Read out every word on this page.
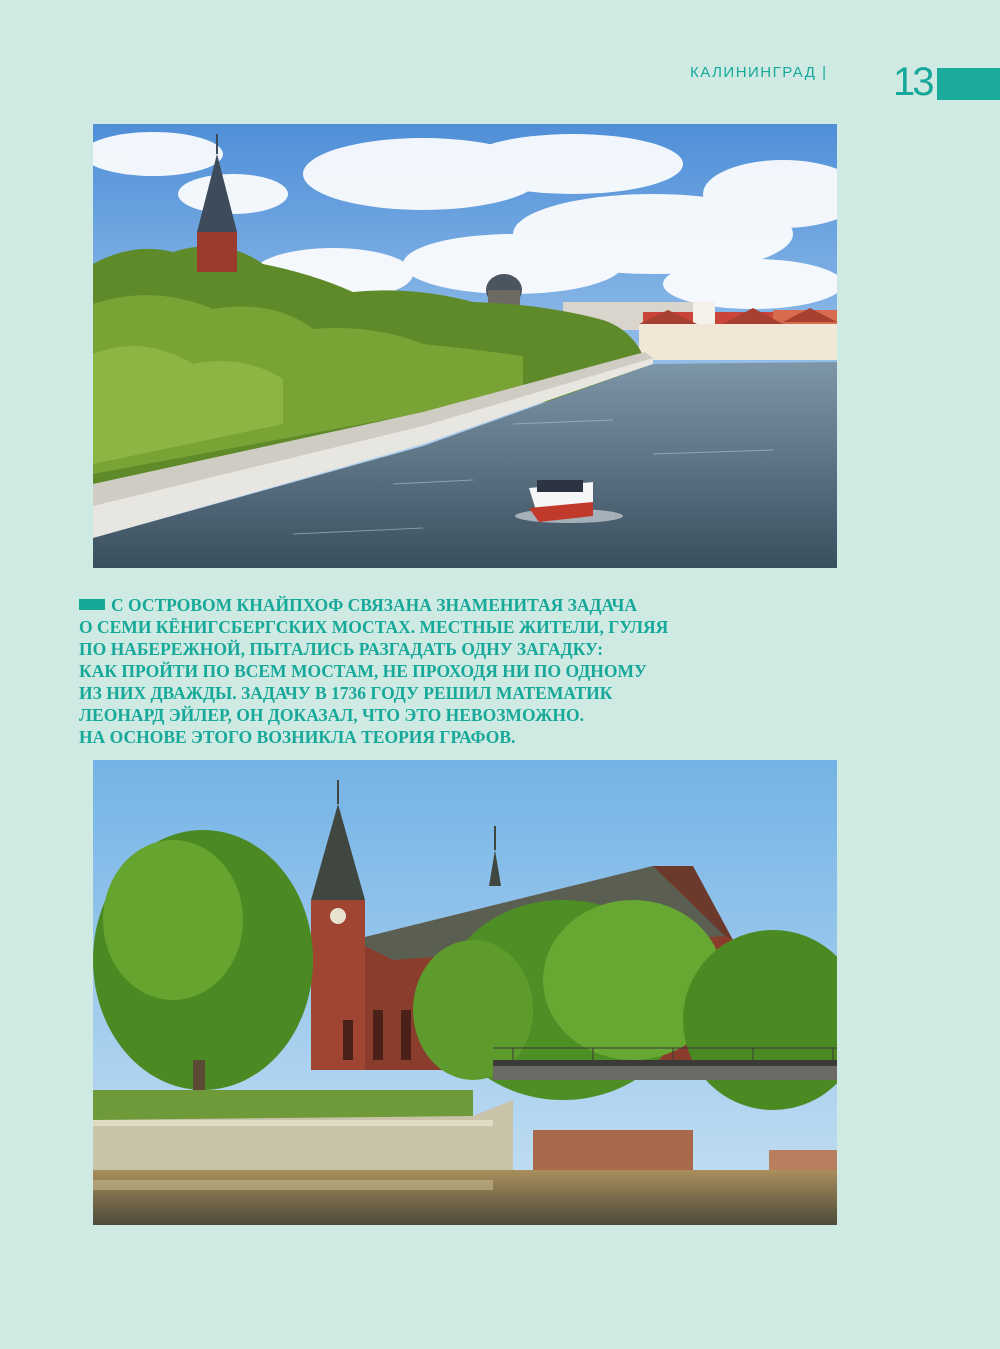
КАЛИНИНГРАД | 13
С ОСТРОВОМ КНАЙПХОФ СВЯЗАНА ЗНАМЕНИТАЯ ЗАДАЧА
О СЕМИ КЁНИГСБЕРГСКИХ МОСТАХ. МЕСТНЫЕ ЖИТЕЛИ, ГУЛЯЯ
ПО НАБЕРЕЖНОЙ, ПЫТАЛИСЬ РАЗГАДАТЬ ОДНУ ЗАГАДКУ:
КАК ПРОЙТИ ПО ВСЕМ МОСТАМ, НЕ ПРОХОДЯ НИ ПО ОДНОМУ
ИЗ НИХ ДВАЖДЫ. ЗАДАЧУ В 1736 ГОДУ РЕШИЛ МАТЕМАТИК
ЛЕОНАРД ЭЙЛЕР, ОН ДОКАЗАЛ, ЧТО ЭТО НЕВОЗМОЖНО.
НА ОСНОВЕ ЭТОГО ВОЗНИКЛА ТЕОРИЯ ГРАФОВ.
